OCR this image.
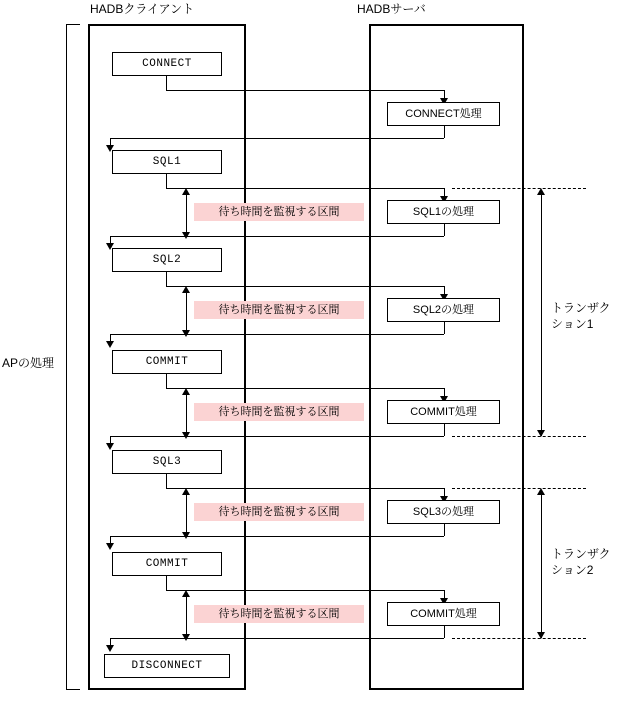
HADBクライアント	HADBサーバ
APの処理
CONNECT
CONNECT処理
SQL1
SQL1の処理
待ち時間を監視する区間
SQL2
SQL2の処理
待ち時間を監視する区間
COMMIT
COMMIT処理
待ち時間を監視する区間
トランザク
ション1
SQL3
SQL3の処理
待ち時間を監視する区間
COMMIT
COMMIT処理
待ち時間を監視する区間
トランザク
ション2
DISCONNECT
